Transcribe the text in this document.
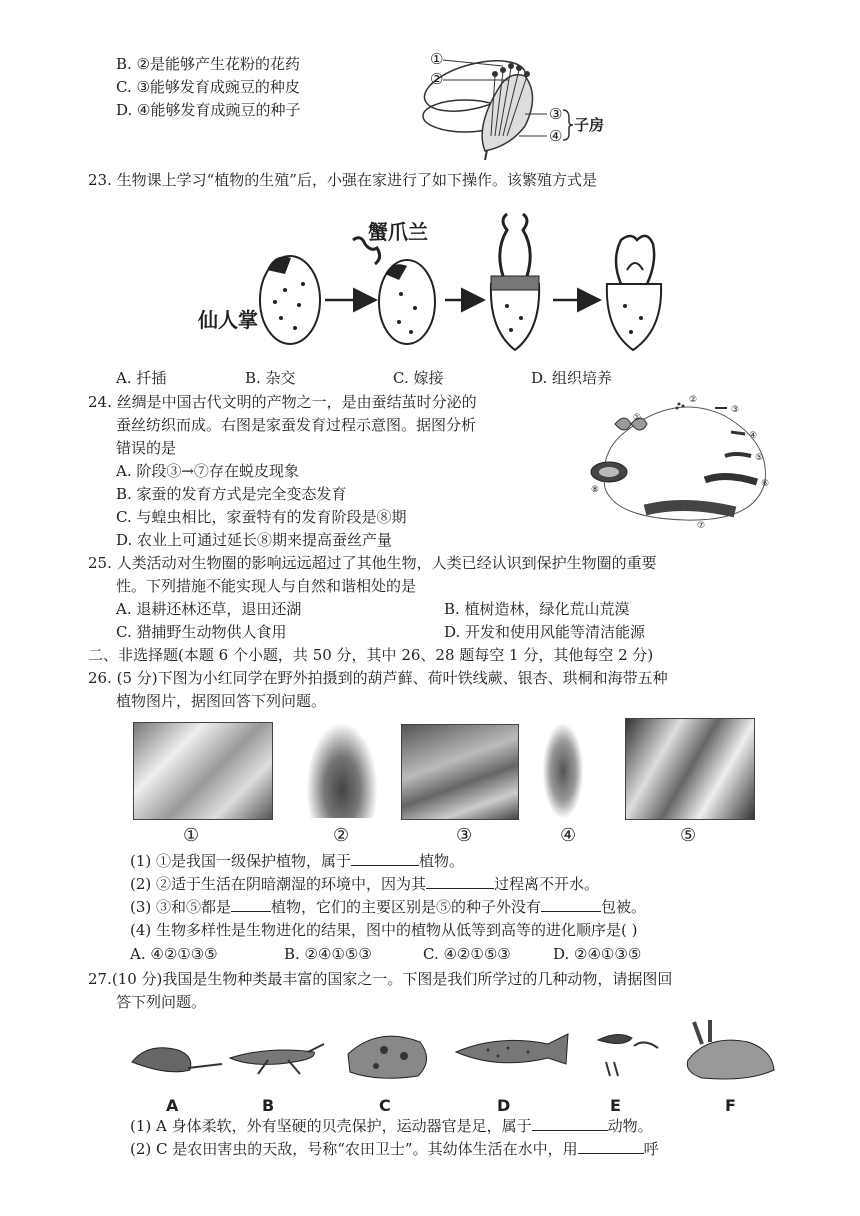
B. ②是能够产生花粉的花药
C. ③能够发育成豌豆的种皮
D. ④能够发育成豌豆的种子
①
②
③
④
子房
23. 生物课上学习“植物的生殖”后，小强在家进行了如下操作。该繁殖方式是
仙人掌
蟹爪兰
A. 扦插	B. 杂交	C. 嫁接	D. 组织培养
24. 丝绸是中国古代文明的产物之一，是由蚕结茧时分泌的
蚕丝纺织而成。右图是家蚕发育过程示意图。据图分析
错误的是
A. 阶段③→⑦存在蜕皮现象
B. 家蚕的发育方式是完全变态发育
C. 与蝗虫相比，家蚕特有的发育阶段是⑧期
D. 农业上可通过延长⑧期来提高蚕丝产量
①
②
③
④
⑤
⑥
⑦
⑧
25. 人类活动对生物圈的影响远远超过了其他生物，人类已经认识到保护生物圈的重要
性。下列措施不能实现人与自然和谐相处的是
A. 退耕还林还草，退田还湖	B. 植树造林，绿化荒山荒漠
C. 猎捕野生动物供人食用	D. 开发和使用风能等清洁能源
二、非选择题(本题 6 个小题，共 50 分，其中 26、28 题每空 1 分，其他每空 2 分)
26. (5 分)下图为小红同学在野外拍摄到的葫芦藓、荷叶铁线蕨、银杏、珙桐和海带五种
植物图片，据图回答下列问题。
①	②	③	④	⑤
(1) ①是我国一级保护植物，属于	植物。
(2) ②适于生活在阴暗潮湿的环境中，因为其	过程离不开水。
(3) ③和⑤都是	植物，它们的主要区别是⑤的种子外没有	包被。
(4) 生物多样性是生物进化的结果，图中的植物从低等到高等的进化顺序是( )
A. ④②①③⑤	B. ②④①⑤③	C. ④②①⑤③	D. ②④①③⑤
27.(10 分)我国是生物种类最丰富的国家之一。下图是我们所学过的几种动物，请据图回
答下列问题。
A	B	C	D	E	F
(1) A 身体柔软，外有坚硬的贝壳保护，运动器官是足，属于	动物。
(2) C 是农田害虫的天敌，号称“农田卫士”。其幼体生活在水中，用	呼
